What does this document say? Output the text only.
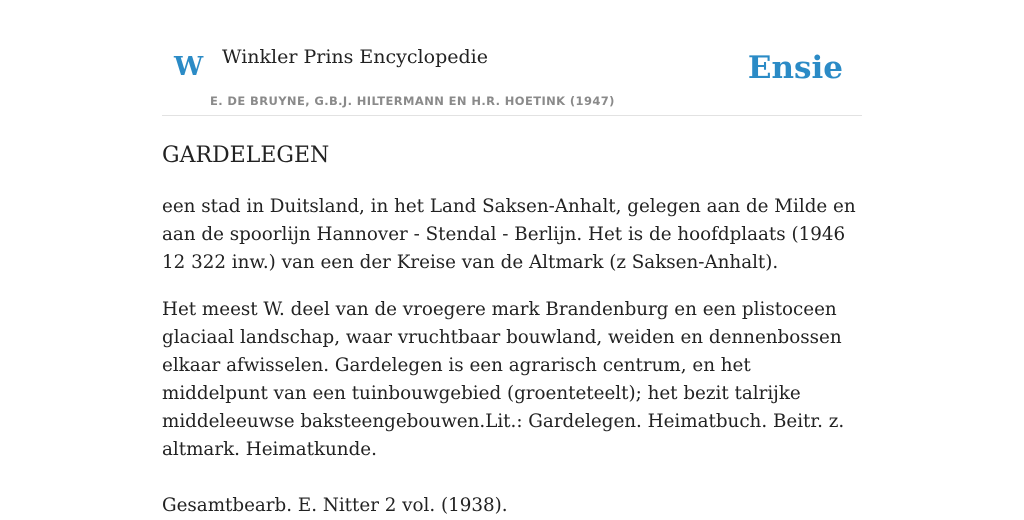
W Winkler Prins Encyclopedie
E. DE BRUYNE, G.B.J. HILTERMANN EN H.R. HOETINK (1947)
Ensie
GARDELEGEN

een stad in Duitsland, in het Land Saksen-Anhalt, gelegen aan de Milde en aan de spoorlijn Hannover - Stendal - Berlijn. Het is de hoofdplaats (1946 12 322 inw.) van een der Kreise van de Altmark (z Saksen-Anhalt).

Het meest W. deel van de vroegere mark Brandenburg en een plistoceen glaciaal landschap, waar vruchtbaar bouwland, weiden en dennenbossen elkaar afwisselen. Gardelegen is een agrarisch centrum, en het middelpunt van een tuinbouwgebied (groenteteelt); het bezit talrijke middeleeuwse baksteengebouwen.Lit.: Gardelegen. Heimatbuch. Beitr. z. altmark. Heimatkunde.

Gesamtbearb. E. Nitter 2 vol. (1938).
